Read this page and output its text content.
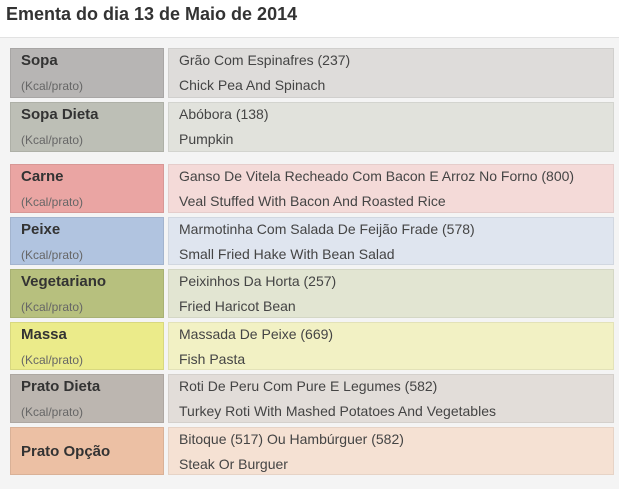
Ementa do dia 13 de Maio de 2014
Sopa
(Kcal/prato)
Grão Com Espinafres (237)
Chick Pea And Spinach
Sopa Dieta
(Kcal/prato)
Abóbora (138)
Pumpkin
Carne
(Kcal/prato)
Ganso De Vitela Recheado Com Bacon E Arroz No Forno (800)
Veal Stuffed With Bacon And Roasted Rice
Peixe
(Kcal/prato)
Marmotinha Com Salada De Feijão Frade (578)
Small Fried Hake With Bean Salad
Vegetariano
(Kcal/prato)
Peixinhos Da Horta (257)
Fried Haricot Bean
Massa
(Kcal/prato)
Massada De Peixe (669)
Fish Pasta
Prato Dieta
(Kcal/prato)
Roti De Peru Com Pure E Legumes (582)
Turkey Roti With Mashed Potatoes And Vegetables
Prato Opção
Bitoque (517) Ou Hambúrguer (582)
Steak Or Burguer
